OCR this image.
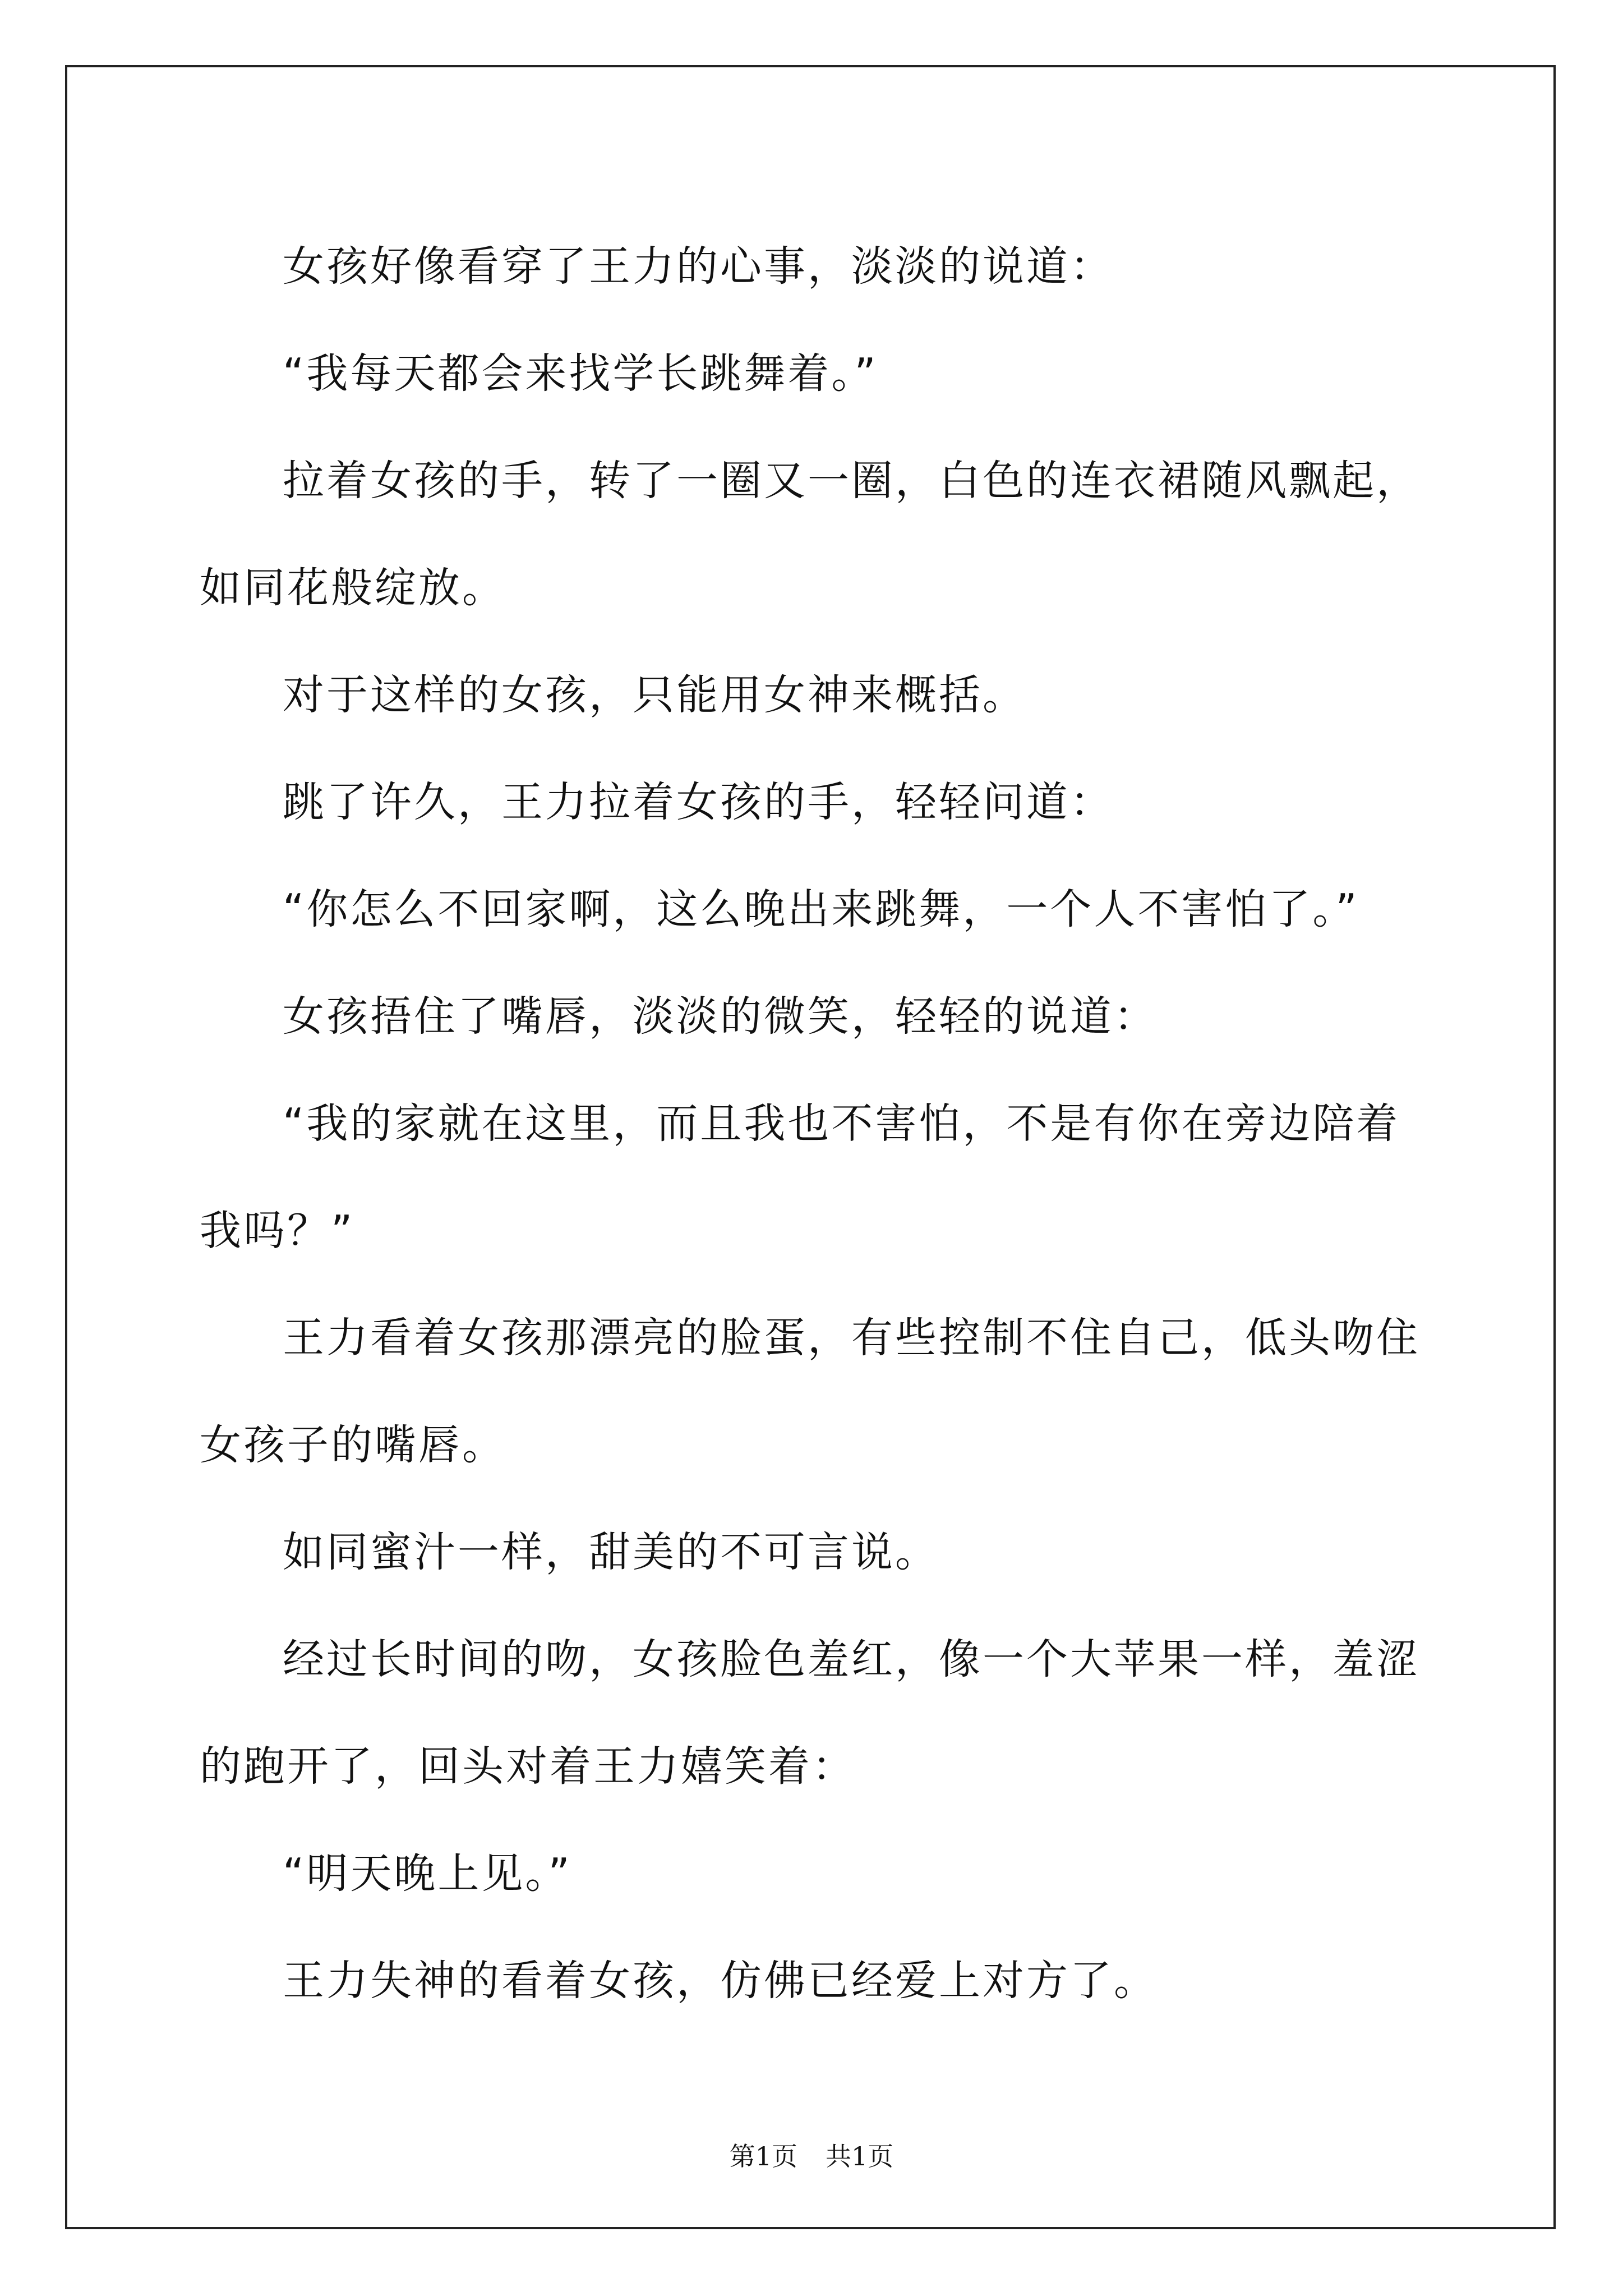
女孩好像看穿了王力的心事，淡淡的说道：

“我每天都会来找学长跳舞着。”

拉着女孩的手，转了一圈又一圈，白色的连衣裙随风飘起，如同花般绽放。

对于这样的女孩，只能用女神来概括。

跳了许久，王力拉着女孩的手，轻轻问道：

“你怎么不回家啊，这么晚出来跳舞，一个人不害怕了。”

女孩捂住了嘴唇，淡淡的微笑，轻轻的说道：

“我的家就在这里，而且我也不害怕，不是有你在旁边陪着我吗？”

王力看着女孩那漂亮的脸蛋，有些控制不住自己，低头吻住女孩子的嘴唇。

如同蜜汁一样，甜美的不可言说。

经过长时间的吻，女孩脸色羞红，像一个大苹果一样，羞涩的跑开了，回头对着王力嬉笑着：

“明天晚上见。”

王力失神的看着女孩，仿佛已经爱上对方了。

第1页 共1页
